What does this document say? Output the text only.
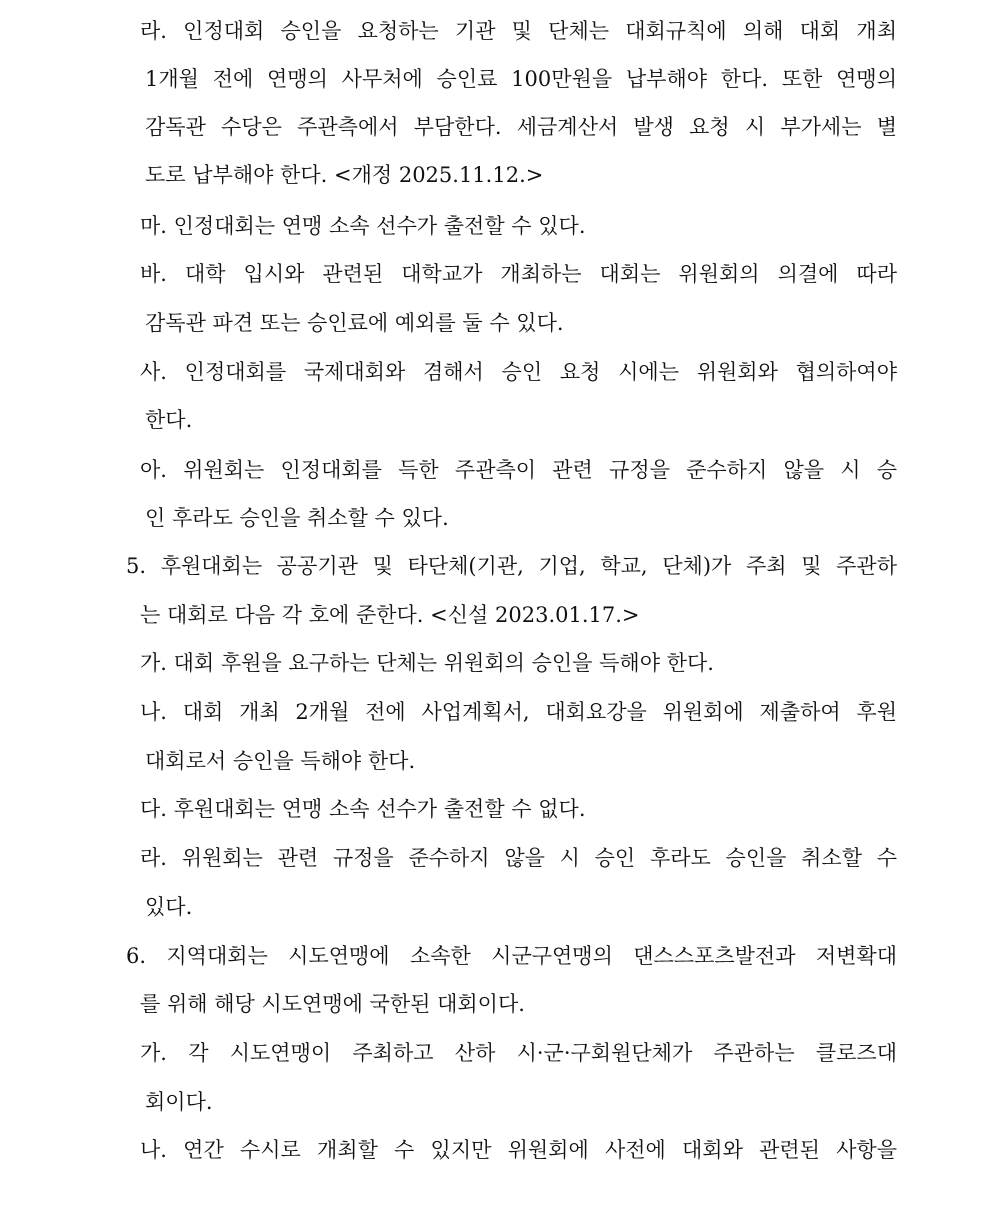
라. 인정대회 승인을 요청하는 기관 및 단체는 대회규칙에 의해 대회 개최
1개월 전에 연맹의 사무처에 승인료 100만원을 납부해야 한다. 또한 연맹의
감독관 수당은 주관측에서 부담한다. 세금계산서 발생 요청 시 부가세는 별
도로 납부해야 한다. <개정 2025.11.12.>
마. 인정대회는 연맹 소속 선수가 출전할 수 있다.
바. 대학 입시와 관련된 대학교가 개최하는 대회는 위원회의 의결에 따라
감독관 파견 또는 승인료에 예외를 둘 수 있다.
사. 인정대회를 국제대회와 겸해서 승인 요청 시에는 위원회와 협의하여야
한다.
아. 위원회는 인정대회를 득한 주관측이 관련 규정을 준수하지 않을 시 승
인 후라도 승인을 취소할 수 있다.
5. 후원대회는 공공기관 및 타단체(기관, 기업, 학교, 단체)가 주최 및 주관하
는 대회로 다음 각 호에 준한다. <신설 2023.01.17.>
가. 대회 후원을 요구하는 단체는 위원회의 승인을 득해야 한다.
나. 대회 개최 2개월 전에 사업계획서, 대회요강을 위원회에 제출하여 후원
대회로서 승인을 득해야 한다.
다. 후원대회는 연맹 소속 선수가 출전할 수 없다.
라. 위원회는 관련 규정을 준수하지 않을 시 승인 후라도 승인을 취소할 수
있다.
6. 지역대회는 시도연맹에 소속한 시군구연맹의 댄스스포츠발전과 저변확대
를 위해 해당 시도연맹에 국한된 대회이다.
가. 각 시도연맹이 주최하고 산하 시·군·구회원단체가 주관하는 클로즈대
회이다.
나. 연간 수시로 개최할 수 있지만 위원회에 사전에 대회와 관련된 사항을
